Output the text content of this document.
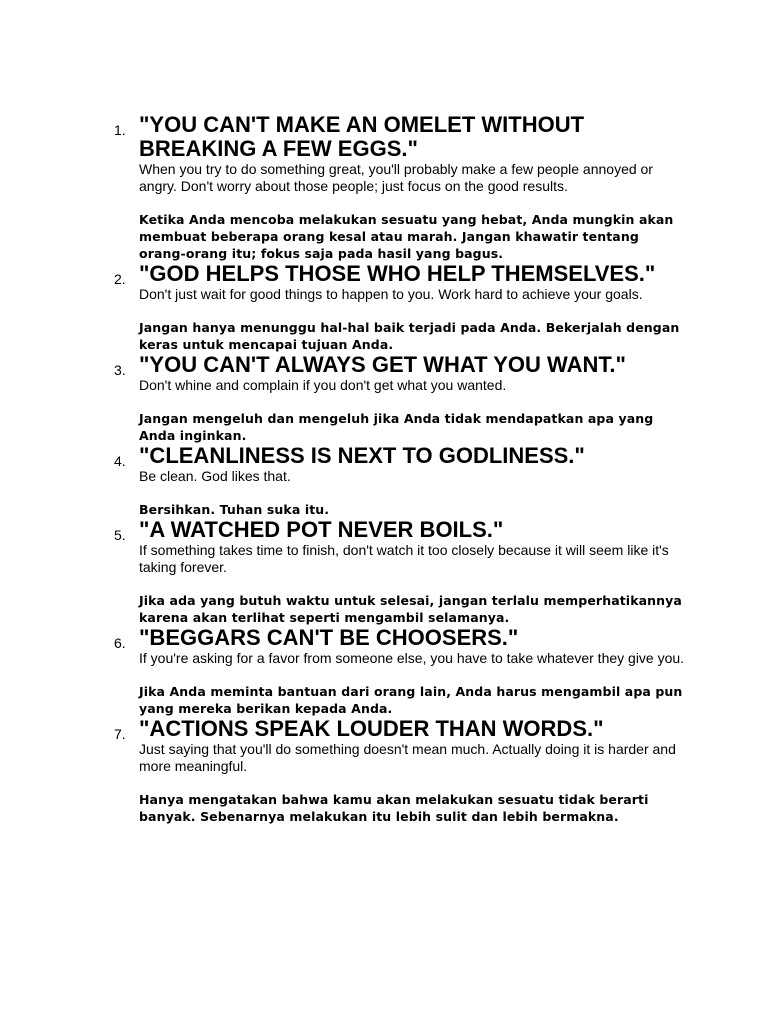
1. "YOU CAN'T MAKE AN OMELET WITHOUT BREAKING A FEW EGGS."

When you try to do something great, you'll probably make a few people annoyed or angry. Don't worry about those people; just focus on the good results.

Ketika Anda mencoba melakukan sesuatu yang hebat, Anda mungkin akan membuat beberapa orang kesal atau marah. Jangan khawatir tentang orang-orang itu; fokus saja pada hasil yang bagus.

2. "GOD HELPS THOSE WHO HELP THEMSELVES."

Don't just wait for good things to happen to you. Work hard to achieve your goals.

Jangan hanya menunggu hal-hal baik terjadi pada Anda. Bekerjalah dengan keras untuk mencapai tujuan Anda.

3. "YOU CAN'T ALWAYS GET WHAT YOU WANT."

Don't whine and complain if you don't get what you wanted.

Jangan mengeluh dan mengeluh jika Anda tidak mendapatkan apa yang Anda inginkan.

4. "CLEANLINESS IS NEXT TO GODLINESS."

Be clean. God likes that.

Bersihkan. Tuhan suka itu.

5. "A WATCHED POT NEVER BOILS."

If something takes time to finish, don't watch it too closely because it will seem like it's taking forever.

Jika ada yang butuh waktu untuk selesai, jangan terlalu memperhatikannya karena akan terlihat seperti mengambil selamanya.

6. "BEGGARS CAN'T BE CHOOSERS."

If you're asking for a favor from someone else, you have to take whatever they give you.

Jika Anda meminta bantuan dari orang lain, Anda harus mengambil apa pun yang mereka berikan kepada Anda.

7. "ACTIONS SPEAK LOUDER THAN WORDS."

Just saying that you'll do something doesn't mean much. Actually doing it is harder and more meaningful.

Hanya mengatakan bahwa kamu akan melakukan sesuatu tidak berarti banyak. Sebenarnya melakukan itu lebih sulit dan lebih bermakna.
